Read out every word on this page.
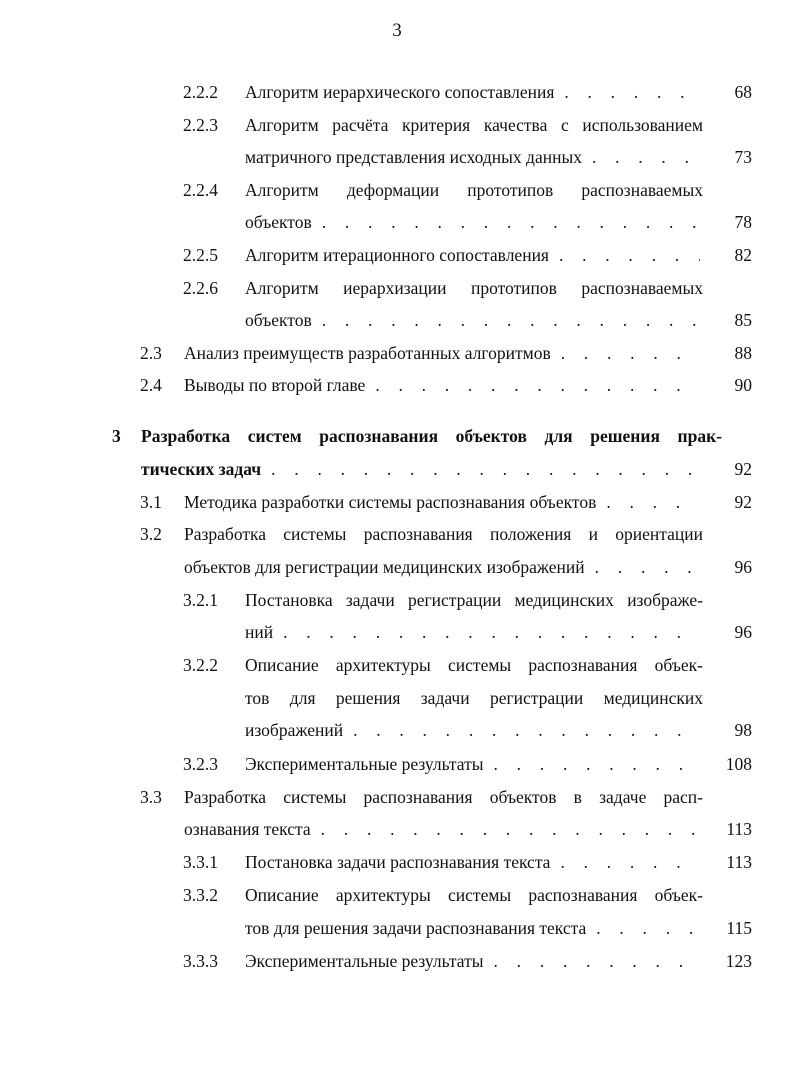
3
2.2.2 Алгоритм иерархического сопоставления . . .	68
2.2.3 Алгоритм расчёта критерия качества с использованием
матричного представления исходных данных . . .	73
2.2.4 Алгоритм деформации прототипов распознаваемых
объектов . . .	78
2.2.5 Алгоритм итерационного сопоставления . . .	82
2.2.6 Алгоритм иерархизации прототипов распознаваемых
объектов . . .	85
2.3 Анализ преимуществ разработанных алгоритмов . . .	88
2.4 Выводы по второй главе . . .	90
3 Разработка систем распознавания объектов для решения прак-
тических задач . . .	92
3.1 Методика разработки системы распознавания объектов . . .	92
3.2 Разработка системы распознавания положения и ориентации
объектов для регистрации медицинских изображений . . .	96
3.2.1 Постановка задачи регистрации медицинских изображе-
ний . . .	96
3.2.2 Описание архитектуры системы распознавания объек-
тов для решения задачи регистрации медицинских
изображений . . .	98
3.2.3 Экспериментальные результаты . . .	108
3.3 Разработка системы распознавания объектов в задаче расп-
ознавания текста . . .	113
3.3.1 Постановка задачи распознавания текста . . .	113
3.3.2 Описание архитектуры системы распознавания объек-
тов для решения задачи распознавания текста . . .	115
3.3.3 Экспериментальные результаты . . .	123
